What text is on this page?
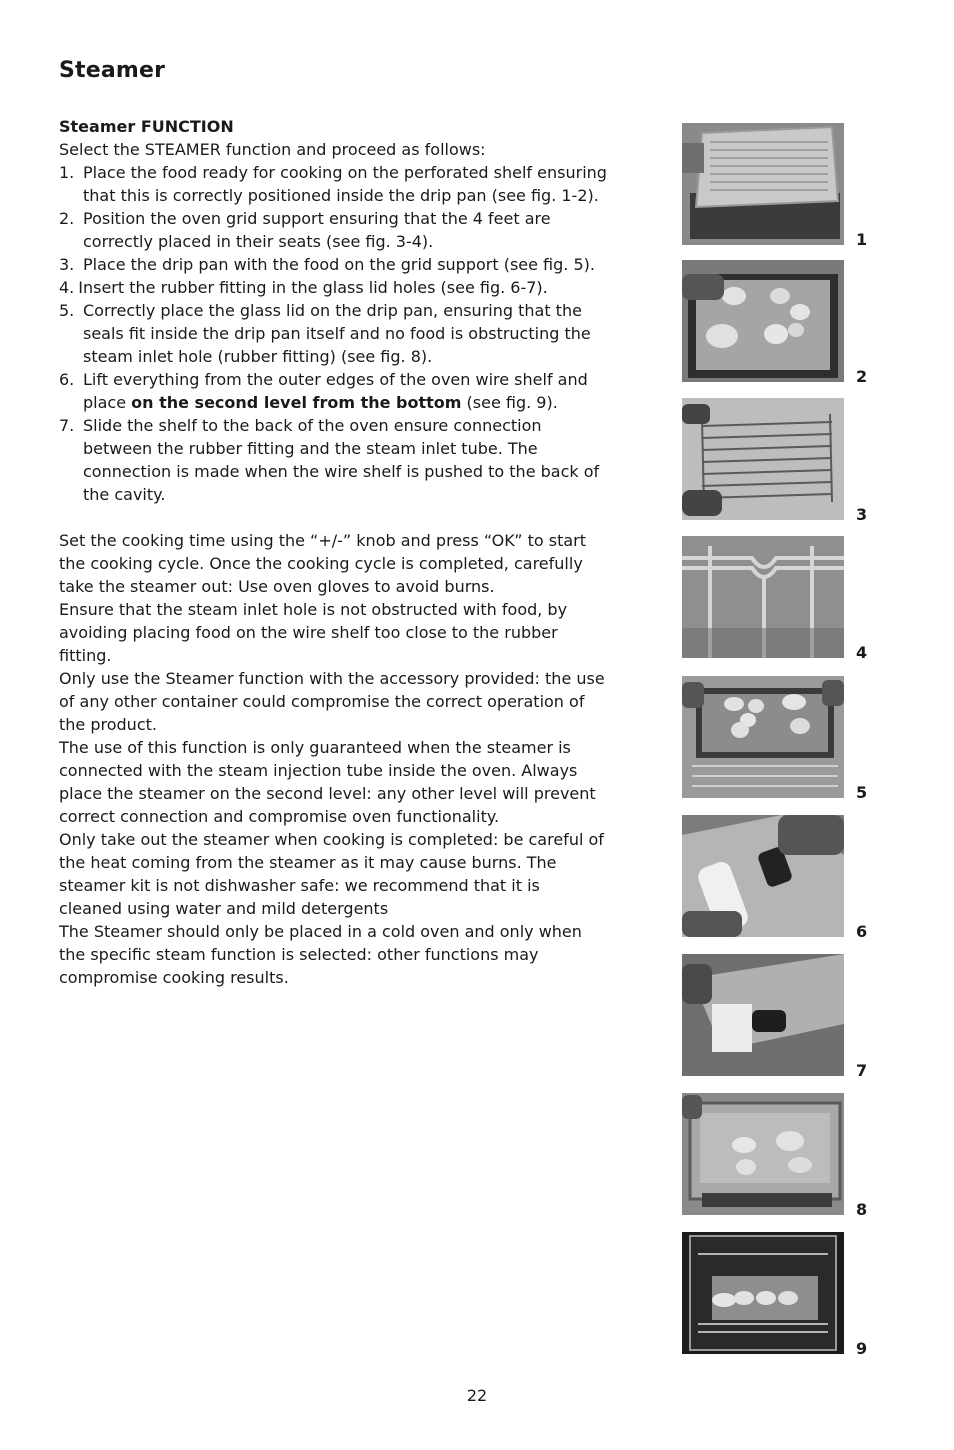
Steamer

Steamer FUNCTION

Select the STEAMER function and proceed as follows:

1. Place the food ready for cooking on the perforated shelf ensuring that this is correctly positioned inside the drip pan (see fig. 1-2).
2. Position the oven grid support ensuring that the 4 feet are correctly placed in their seats (see fig. 3-4).
3. Place the drip pan with the food on the grid support (see fig. 5).
4. Insert the rubber fitting in the glass lid holes (see fig. 6-7).
5. Correctly place the glass lid on the drip pan, ensuring that the seals fit inside the drip pan itself and no food is obstructing the steam inlet hole (rubber fitting) (see fig. 8).
6. Lift everything from the outer edges of the oven wire shelf and place on the second level from the bottom (see fig. 9).
7. Slide the shelf to the back of the oven ensure connection between the rubber fitting and the steam inlet tube. The connection is made when the wire shelf is pushed to the back of the cavity.

Set the cooking time using the “+/-” knob and press “OK” to start the cooking cycle. Once the cooking cycle is completed, carefully take the steamer out: Use oven gloves to avoid burns.

Ensure that the steam inlet hole is not obstructed with food, by avoiding placing food on the wire shelf too close to the rubber fitting.

Only use the Steamer function with the accessory provided: the use of any other container could compromise the correct operation of the product.

The use of this function is only guaranteed when the steamer is connected with the steam injection tube inside the oven. Always place the steamer on the second level: any other level will prevent correct connection and compromise oven functionality.

Only take out the steamer when cooking is completed: be careful of the heat coming from the steamer as it may cause burns. The steamer kit is not dishwasher safe: we recommend that it is cleaned using water and mild detergents

The Steamer should only be placed in a cold oven and only when the specific steam function is selected: other functions may compromise cooking results.

1
2
3
4
5
6
7
8
9
22
